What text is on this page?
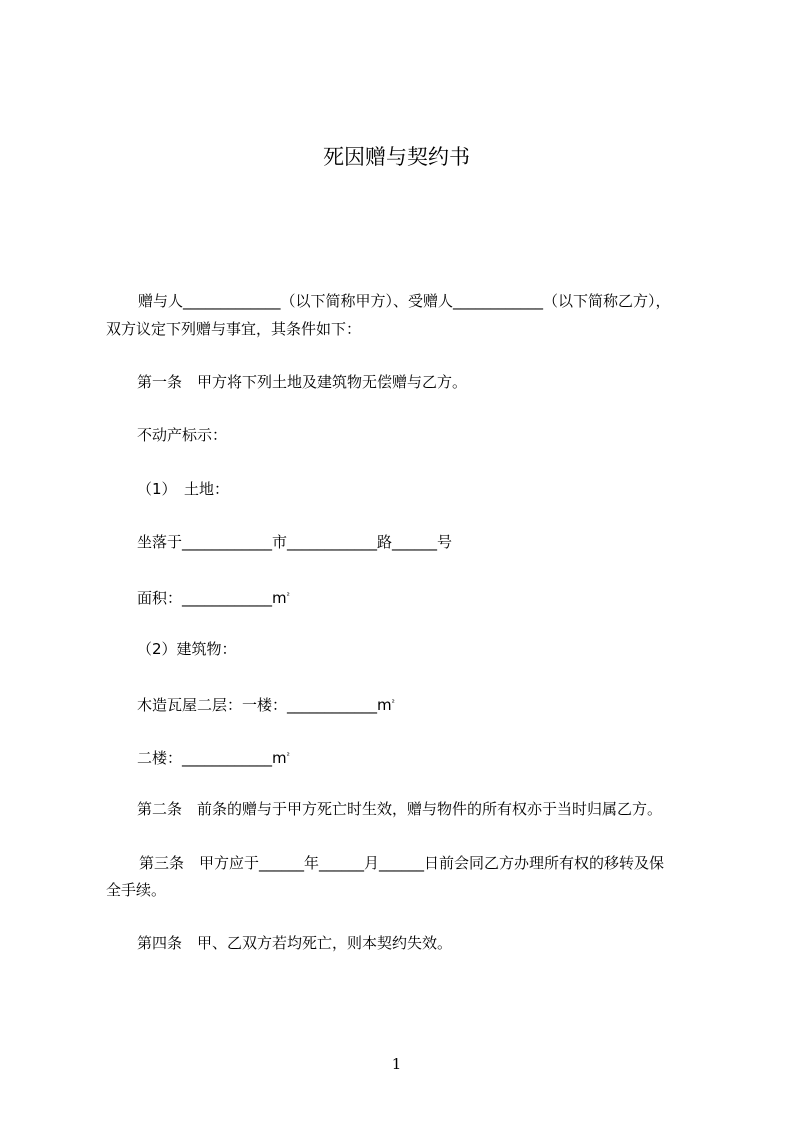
死因赠与契约书
赠与人_____________（以下简称甲方）、受赠人____________（以下简称乙方），
双方议定下列赠与事宜，其条件如下：
第一条　甲方将下列土地及建筑物无偿赠与乙方。
不动产标示：
（1）　土地：
坐落于____________市____________路______号
面积：$\_\_\_\_\_\_\_\_\_\_\_\_m^{^2}$
（2）建筑物：
木造瓦屋二层：一楼：$\_\_\_\_\_\_\_\_\_\_\_\_m^{^2}$
二楼：$\_\_\_\_\_\_\_\_\_\_\_\_m^{^2}$
第二条　前条的赠与于甲方死亡时生效，赠与物件的所有权亦于当时归属乙方。
第三条　甲方应于______年______月______日前会同乙方办理所有权的移转及保
全手续。
第四条　甲、乙双方若均死亡，则本契约失效。
1
